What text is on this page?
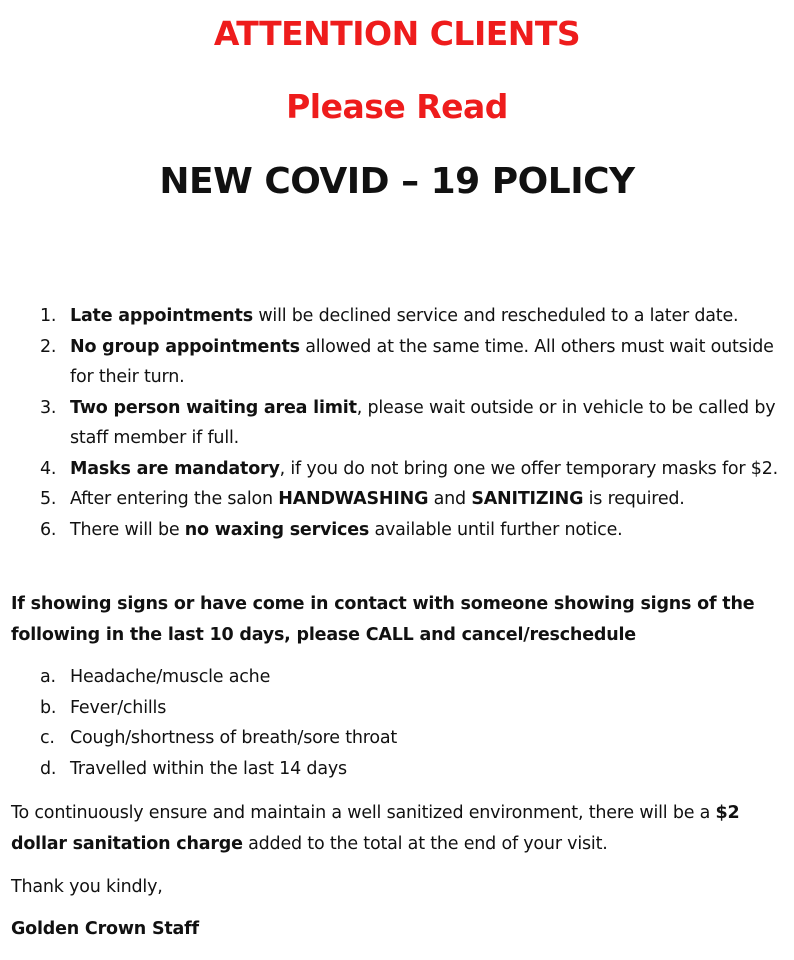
ATTENTION CLIENTS
Please Read
NEW COVID – 19 POLICY
1. Late appointments will be declined service and rescheduled to a later date.
2. No group appointments allowed at the same time. All others must wait outside for their turn.
3. Two person waiting area limit, please wait outside or in vehicle to be called by staff member if full.
4. Masks are mandatory, if you do not bring one we offer temporary masks for $2.
5. After entering the salon HANDWASHING and SANITIZING is required.
6. There will be no waxing services available until further notice.

If showing signs or have come in contact with someone showing signs of the following in the last 10 days, please CALL and cancel/reschedule

a. Headache/muscle ache
b. Fever/chills
c. Cough/shortness of breath/sore throat
d. Travelled within the last 14 days

To continuously ensure and maintain a well sanitized environment, there will be a $2 dollar sanitation charge added to the total at the end of your visit.

Thank you kindly,

Golden Crown Staff
